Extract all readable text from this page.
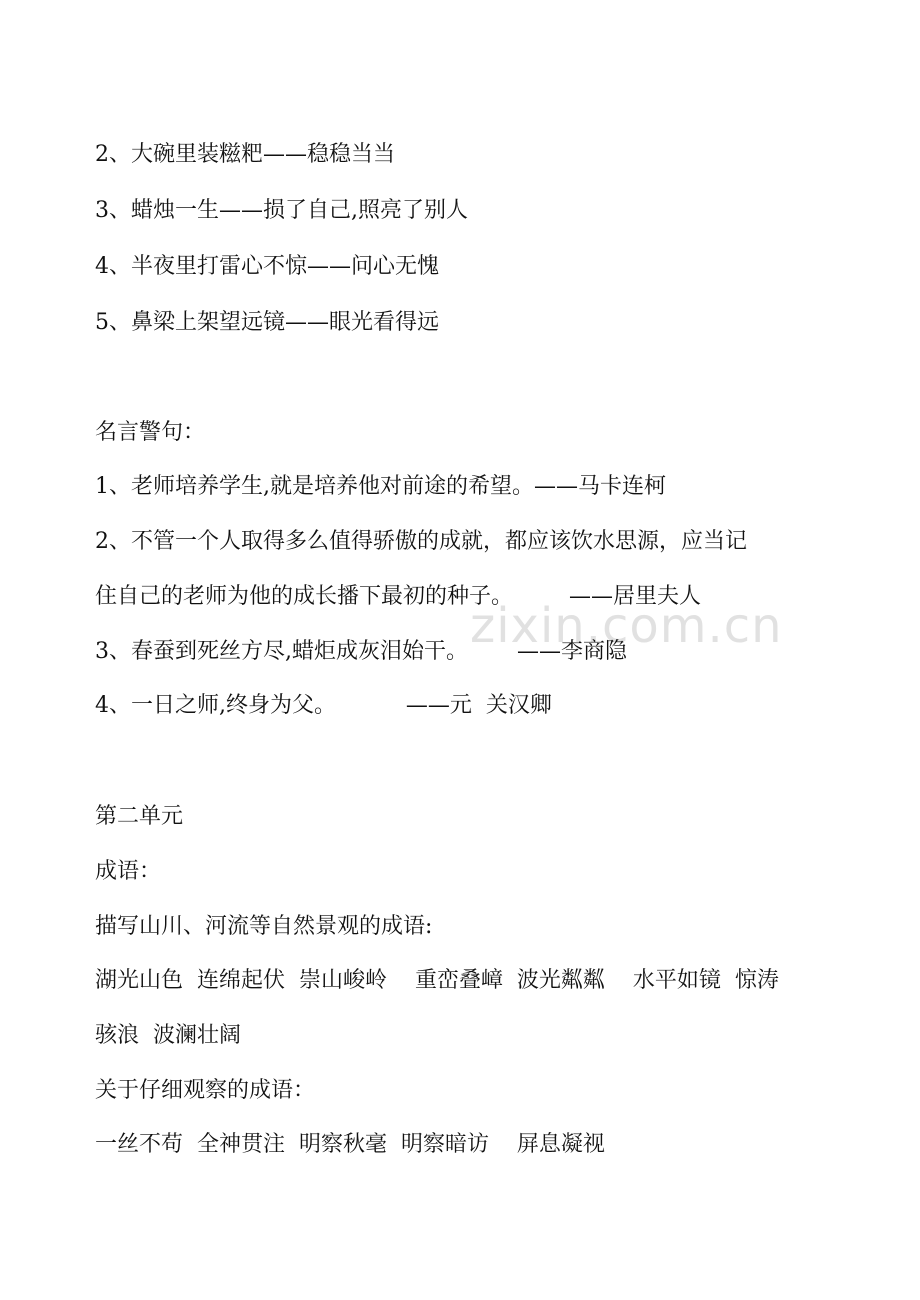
zixin.com.cn
2、大碗里装糍粑——稳稳当当
3、蜡烛一生——损了自己,照亮了别人
4、半夜里打雷心不惊——问心无愧
5、鼻梁上架望远镜——眼光看得远
名言警句：
1、老师培养学生,就是培养他对前途的希望。——马卡连柯
2、不管一个人取得多么值得骄傲的成就，都应该饮水思源，应当记
住自己的老师为他的成长播下最初的种子。        ——居里夫人
3、春蚕到死丝方尽,蜡炬成灰泪始干。       ——李商隐
4、一日之师,终身为父。          ——元  关汉卿
第二单元
成语：
描写山川、河流等自然景观的成语:
湖光山色  连绵起伏  崇山峻岭    重峦叠嶂  波光粼粼    水平如镜  惊涛
骇浪  波澜壮阔
关于仔细观察的成语：
一丝不苟  全神贯注  明察秋毫  明察暗访    屏息凝视
